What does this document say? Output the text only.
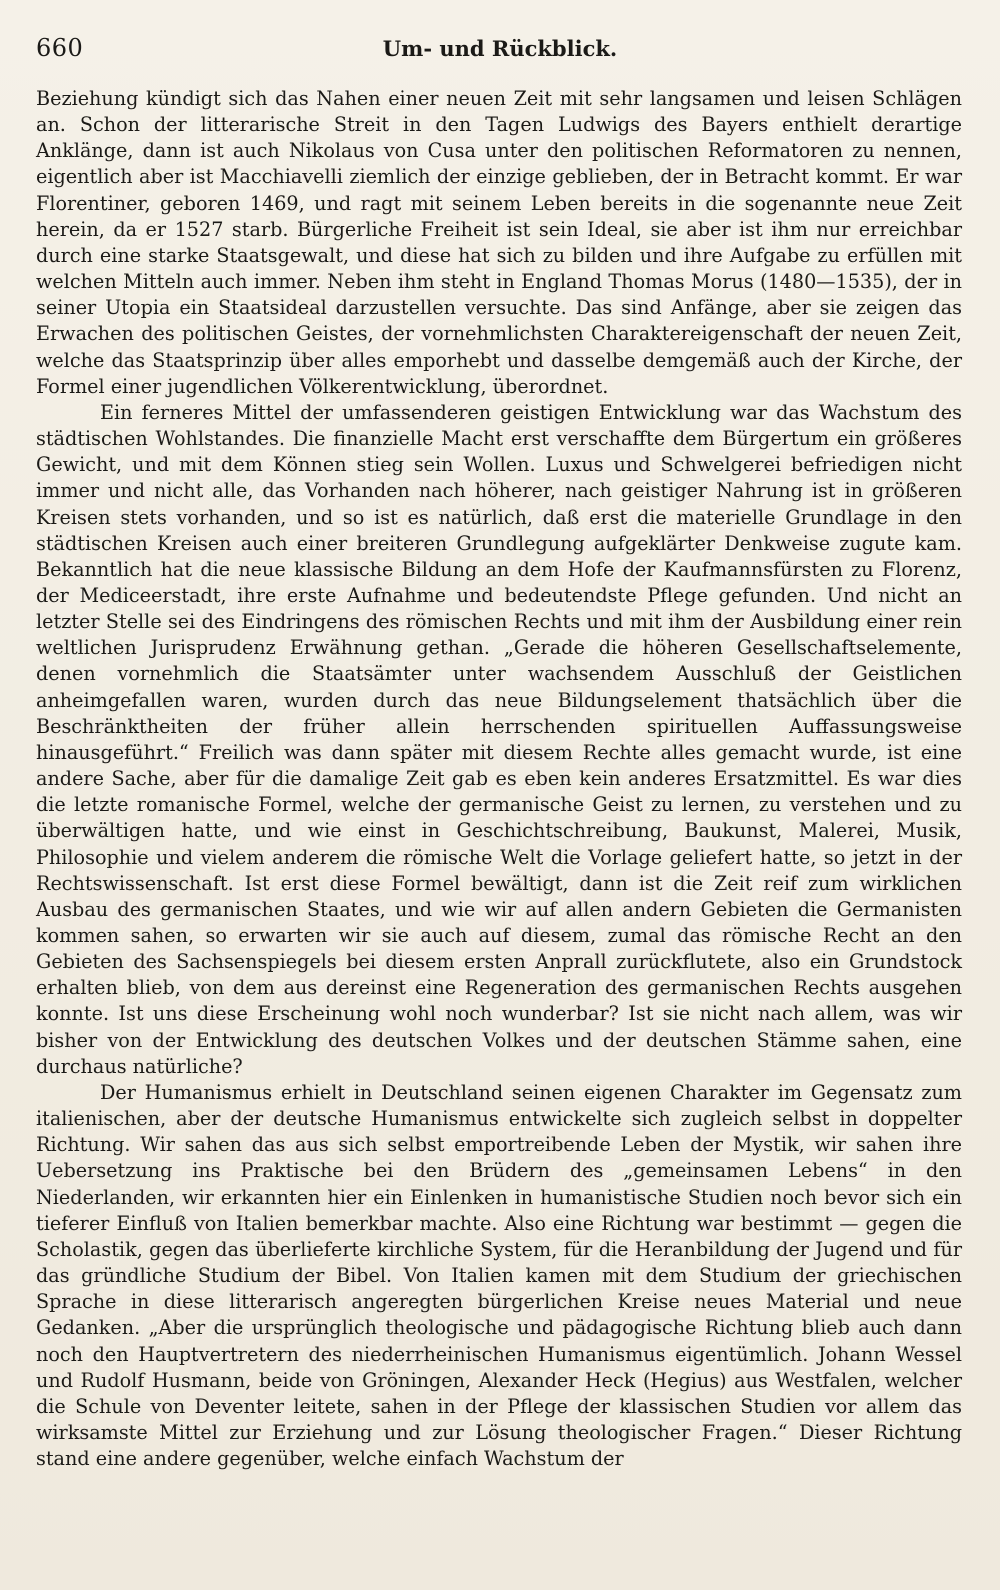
660	Um- und Rückblick.

Beziehung kündigt sich das Nahen einer neuen Zeit mit sehr langsamen und leisen Schlägen an. Schon der litterarische Streit in den Tagen Ludwigs des Bayers enthielt derartige Anklänge, dann ist auch Nikolaus von Cusa unter den politischen Reformatoren zu nennen, eigentlich aber ist Macchiavelli ziemlich der einzige geblieben, der in Betracht kommt. Er war Florentiner, geboren 1469, und ragt mit seinem Leben bereits in die sogenannte neue Zeit herein, da er 1527 starb. Bürgerliche Freiheit ist sein Ideal, sie aber ist ihm nur erreichbar durch eine starke Staatsgewalt, und diese hat sich zu bilden und ihre Aufgabe zu erfüllen mit welchen Mitteln auch immer. Neben ihm steht in England Thomas Morus (1480—1535), der in seiner Utopia ein Staatsideal darzustellen versuchte. Das sind Anfänge, aber sie zeigen das Erwachen des politischen Geistes, der vornehmlichsten Charaktereigenschaft der neuen Zeit, welche das Staatsprinzip über alles emporhebt und dasselbe demgemäß auch der Kirche, der Formel einer jugendlichen Völkerentwicklung, überordnet.

Ein ferneres Mittel der umfassenderen geistigen Entwicklung war das Wachstum des städtischen Wohlstandes. Die finanzielle Macht erst verschaffte dem Bürgertum ein größeres Gewicht, und mit dem Können stieg sein Wollen. Luxus und Schwelgerei befriedigen nicht immer und nicht alle, das Vorhanden nach höherer, nach geistiger Nahrung ist in größeren Kreisen stets vorhanden, und so ist es natürlich, daß erst die materielle Grundlage in den städtischen Kreisen auch einer breiteren Grundlegung aufgeklärter Denkweise zugute kam. Bekanntlich hat die neue klassische Bildung an dem Hofe der Kaufmannsfürsten zu Florenz, der Mediceerstadt, ihre erste Aufnahme und bedeutendste Pflege gefunden. Und nicht an letzter Stelle sei des Eindringens des römischen Rechts und mit ihm der Ausbildung einer rein weltlichen Jurisprudenz Erwähnung gethan. „Gerade die höheren Gesellschaftselemente, denen vornehmlich die Staatsämter unter wachsendem Ausschluß der Geistlichen anheimgefallen waren, wurden durch das neue Bildungselement thatsächlich über die Beschränktheiten der früher allein herrschenden spirituellen Auffassungsweise hinausgeführt.“ Freilich was dann später mit diesem Rechte alles gemacht wurde, ist eine andere Sache, aber für die damalige Zeit gab es eben kein anderes Ersatzmittel. Es war dies die letzte romanische Formel, welche der germanische Geist zu lernen, zu verstehen und zu überwältigen hatte, und wie einst in Geschichtschreibung, Baukunst, Malerei, Musik, Philosophie und vielem anderem die römische Welt die Vorlage geliefert hatte, so jetzt in der Rechtswissenschaft. Ist erst diese Formel bewältigt, dann ist die Zeit reif zum wirklichen Ausbau des germanischen Staates, und wie wir auf allen andern Gebieten die Germanisten kommen sahen, so erwarten wir sie auch auf diesem, zumal das römische Recht an den Gebieten des Sachsenspiegels bei diesem ersten Anprall zurückflutete, also ein Grundstock erhalten blieb, von dem aus dereinst eine Regeneration des germanischen Rechts ausgehen konnte. Ist uns diese Erscheinung wohl noch wunderbar? Ist sie nicht nach allem, was wir bisher von der Entwicklung des deutschen Volkes und der deutschen Stämme sahen, eine durchaus natürliche?

Der Humanismus erhielt in Deutschland seinen eigenen Charakter im Gegensatz zum italienischen, aber der deutsche Humanismus entwickelte sich zugleich selbst in doppelter Richtung. Wir sahen das aus sich selbst emportreibende Leben der Mystik, wir sahen ihre Uebersetzung ins Praktische bei den Brüdern des „gemeinsamen Lebens“ in den Niederlanden, wir erkannten hier ein Einlenken in humanistische Studien noch bevor sich ein tieferer Einfluß von Italien bemerkbar machte. Also eine Richtung war bestimmt — gegen die Scholastik, gegen das überlieferte kirchliche System, für die Heranbildung der Jugend und für das gründliche Studium der Bibel. Von Italien kamen mit dem Studium der griechischen Sprache in diese litterarisch angeregten bürgerlichen Kreise neues Material und neue Gedanken. „Aber die ursprünglich theologische und pädagogische Richtung blieb auch dann noch den Hauptvertretern des niederrheinischen Humanismus eigentümlich. Johann Wessel und Rudolf Husmann, beide von Gröningen, Alexander Heck (Hegius) aus Westfalen, welcher die Schule von Deventer leitete, sahen in der Pflege der klassischen Studien vor allem das wirksamste Mittel zur Erziehung und zur Lösung theologischer Fragen.“ Dieser Richtung stand eine andere gegenüber, welche einfach Wachstum der
